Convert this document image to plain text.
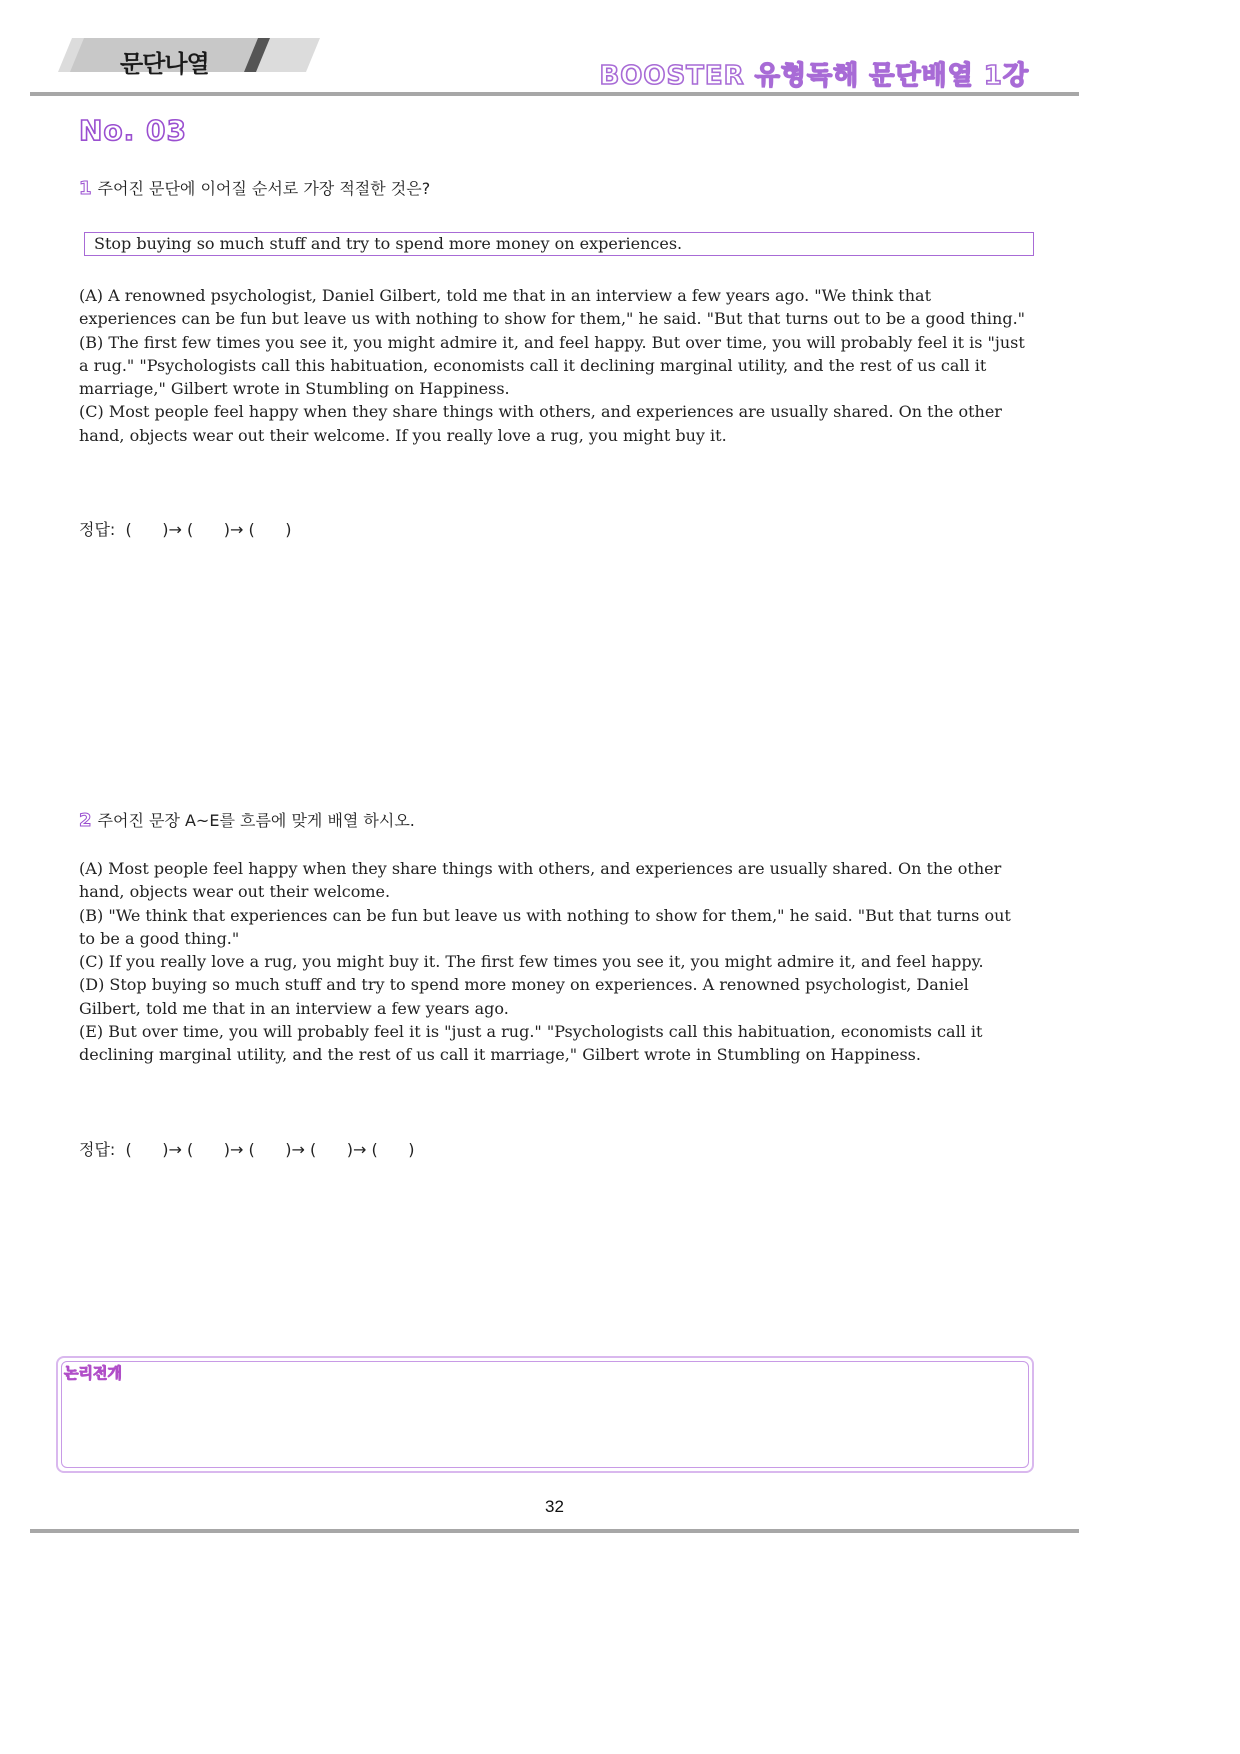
문단나열	BOOSTER 유형독해 문단배열 1강
No. 03
1 주어진 문단에 이어질 순서로 가장 적절한 것은?
Stop buying so much stuff and try to spend more money on experiences.

(A) A renowned psychologist, Daniel Gilbert, told me that in an interview a few years ago. "We think that experiences can be fun but leave us with nothing to show for them," he said. "But that turns out to be a good thing."

(B) The first few times you see it, you might admire it, and feel happy. But over time, you will probably feel it is "just a rug." "Psychologists call this habituation, economists call it declining marginal utility, and the rest of us call it marriage," Gilbert wrote in Stumbling on Happiness.

(C) Most people feel happy when they share things with others, and experiences are usually shared. On the other hand, objects wear out their welcome. If you really love a rug, you might buy it.

정답:  (      )→ (      )→ (      )
2 주어진 문장 A~E를 흐름에 맞게 배열 하시오.

(A) Most people feel happy when they share things with others, and experiences are usually shared. On the other hand, objects wear out their welcome.

(B) "We think that experiences can be fun but leave us with nothing to show for them," he said. "But that turns out to be a good thing."

(C) If you really love a rug, you might buy it. The first few times you see it, you might admire it, and feel happy.

(D) Stop buying so much stuff and try to spend more money on experiences. A renowned psychologist, Daniel Gilbert, told me that in an interview a few years ago.

(E) But over time, you will probably feel it is "just a rug." "Psychologists call this habituation, economists call it declining marginal utility, and the rest of us call it marriage," Gilbert wrote in Stumbling on Happiness.

정답:  (      )→ (      )→ (      )→ (      )→ (      )
논리전개
32
